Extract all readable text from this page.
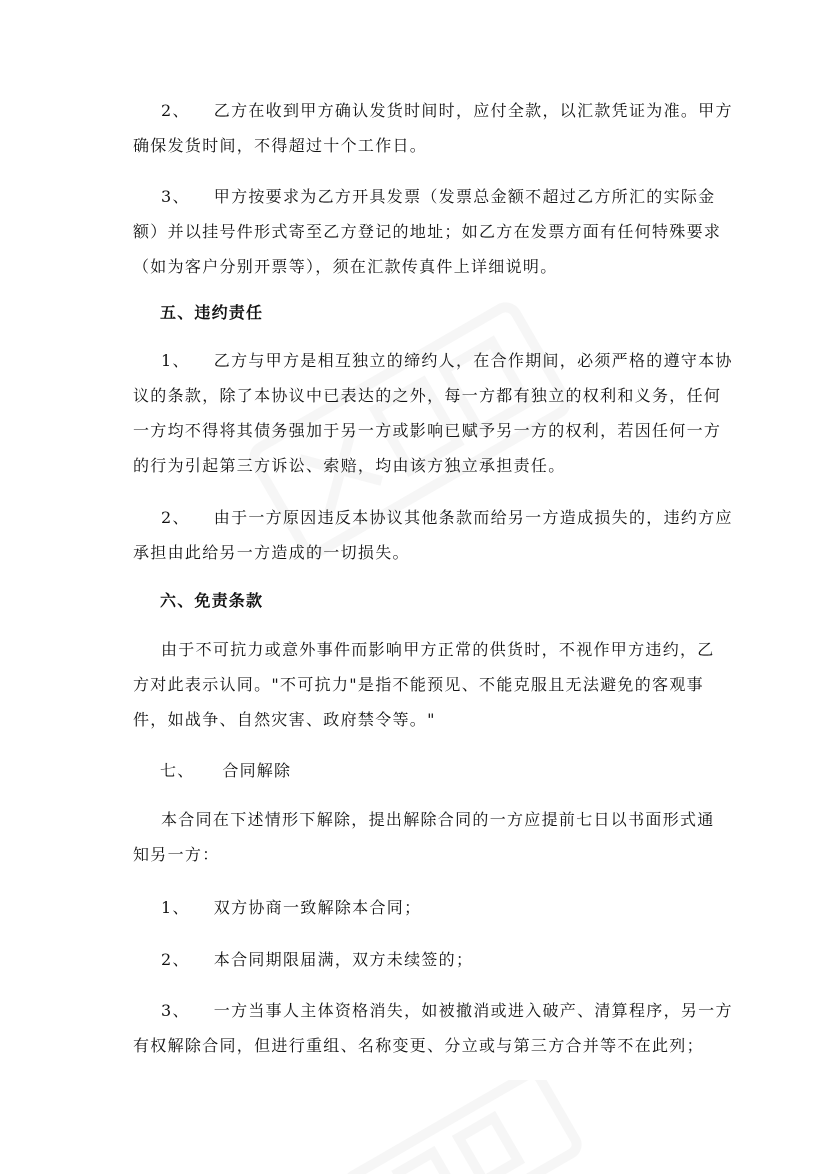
2、 乙方在收到甲方确认发货时间时，应付全款，以汇款凭证为准。甲方
确保发货时间，不得超过十个工作日。
3、 甲方按要求为乙方开具发票（发票总金额不超过乙方所汇的实际金
额）并以挂号件形式寄至乙方登记的地址；如乙方在发票方面有任何特殊要求
（如为客户分别开票等），须在汇款传真件上详细说明。
五、违约责任
1、 乙方与甲方是相互独立的缔约人，在合作期间，必须严格的遵守本协
议的条款，除了本协议中已表达的之外，每一方都有独立的权利和义务，任何
一方均不得将其债务强加于另一方或影响已赋予另一方的权利，若因任何一方
的行为引起第三方诉讼、索赔，均由该方独立承担责任。
2、 由于一方原因违反本协议其他条款而给另一方造成损失的，违约方应
承担由此给另一方造成的一切损失。
六、免责条款
由于不可抗力或意外事件而影响甲方正常的供货时，不视作甲方违约，乙
方对此表示认同。"不可抗力"是指不能预见、不能克服且无法避免的客观事
件，如战争、自然灾害、政府禁令等。"
七、 合同解除
本合同在下述情形下解除，提出解除合同的一方应提前七日以书面形式通
知另一方：
1、 双方协商一致解除本合同；
2、 本合同期限届满，双方未续签的；
3、 一方当事人主体资格消失，如被撤消或进入破产、清算程序，另一方
有权解除合同，但进行重组、名称变更、分立或与第三方合并等不在此列；
